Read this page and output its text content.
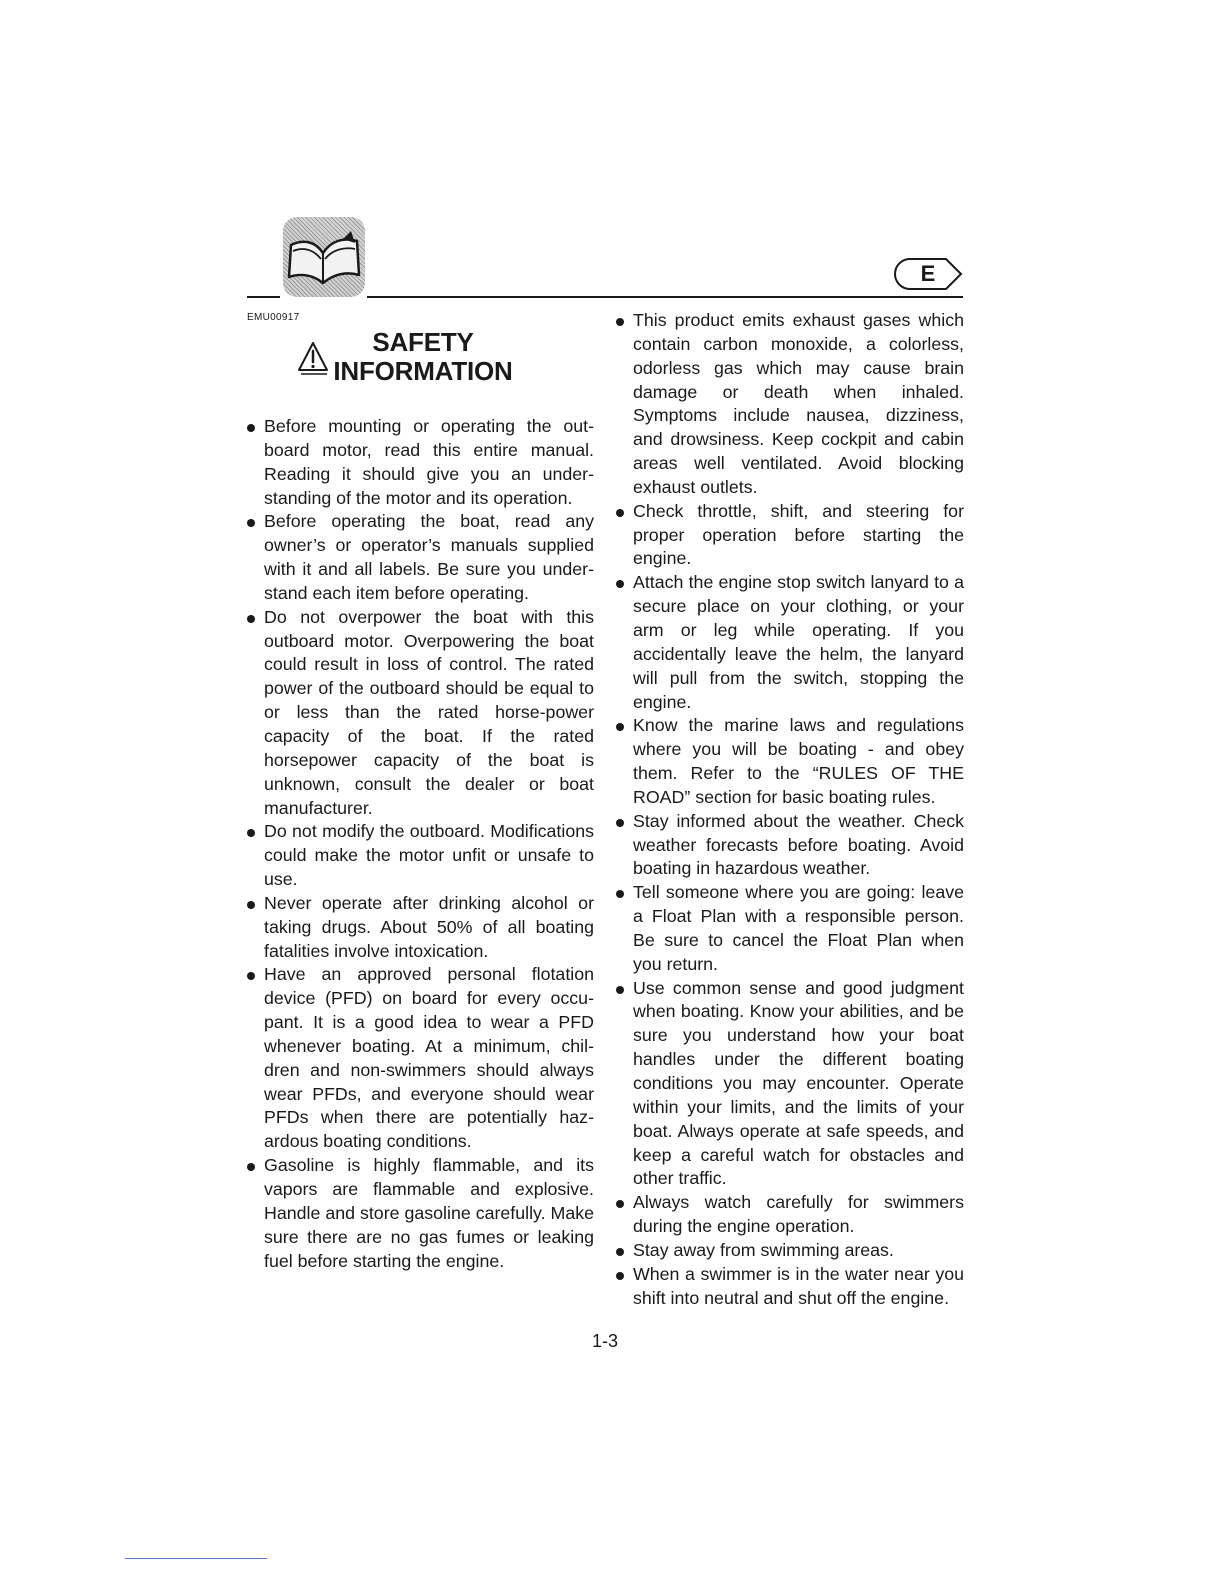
E
EMU00917
SAFETY
INFORMATION
Before mounting or operating the out-board motor, read this entire manual. Reading it should give you an under-standing of the motor and its operation.
Before operating the boat, read any owner’s or operator’s manuals supplied with it and all labels. Be sure you under-stand each item before operating.
Do not overpower the boat with this outboard motor. Overpowering the boat could result in loss of control. The rated power of the outboard should be equal to or less than the rated horse-power capacity of the boat. If the rated horsepower capacity of the boat is unknown, consult the dealer or boat manufacturer.
Do not modify the outboard. Modifications could make the motor unfit or unsafe to use.
Never operate after drinking alcohol or taking drugs. About 50% of all boating fatalities involve intoxication.
Have an approved personal flotation device (PFD) on board for every occu-pant. It is a good idea to wear a PFD whenever boating. At a minimum, chil-dren and non-swimmers should always wear PFDs, and everyone should wear PFDs when there are potentially haz-ardous boating conditions.
Gasoline is highly flammable, and its vapors are flammable and explosive. Handle and store gasoline carefully. Make sure there are no gas fumes or leaking fuel before starting the engine.
This product emits exhaust gases which contain carbon monoxide, a colorless, odorless gas which may cause brain damage or death when inhaled. Symptoms include nausea, dizziness, and drowsiness. Keep cockpit and cabin areas well ventilated. Avoid blocking exhaust outlets.
Check throttle, shift, and steering for proper operation before starting the engine.
Attach the engine stop switch lanyard to a secure place on your clothing, or your arm or leg while operating. If you accidentally leave the helm, the lanyard will pull from the switch, stopping the engine.
Know the marine laws and regulations where you will be boating - and obey them. Refer to the “RULES OF THE ROAD” section for basic boating rules.
Stay informed about the weather. Check weather forecasts before boating. Avoid boating in hazardous weather.
Tell someone where you are going: leave a Float Plan with a responsible person. Be sure to cancel the Float Plan when you return.
Use common sense and good judgment when boating. Know your abilities, and be sure you understand how your boat handles under the different boating conditions you may encounter. Operate within your limits, and the limits of your boat. Always operate at safe speeds, and keep a careful watch for obstacles and other traffic.
Always watch carefully for swimmers during the engine operation.
Stay away from swimming areas.
When a swimmer is in the water near you shift into neutral and shut off the engine.
1-3
